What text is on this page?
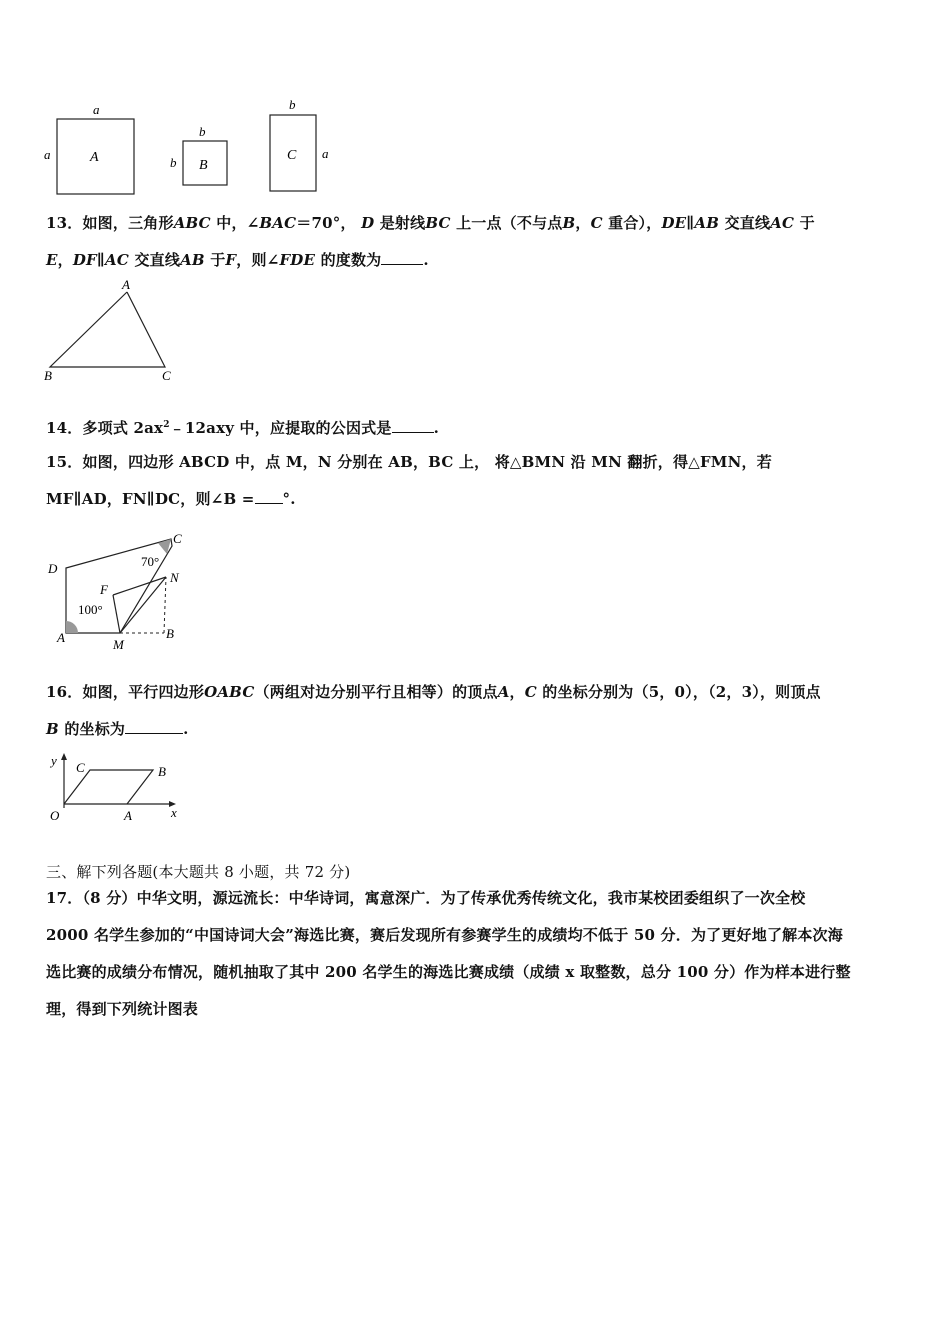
a
a	A
b
b B
b
a
C
13．如图，三角形ABC 中，∠BAC＝70°， D 是射线BC 上一点（不与点B，C 重合），DE∥AB 交直线AC 于
E，DF∥AC 交直线AB 于F，则∠FDE 的度数为	.
A
B	C
14．多项式 $2ax^2﹣12axy$ 中，应提取的公因式是	.
15．如图，四边形 ABCD 中，点 M，N 分别在 AB，BC 上， 将△BMN 沿 MN 翻折，得△FMN，若
MF∥AD，FN∥DC，则∠B = °.
D
C
70°
N
F
100°
A	M
B
16．如图，平行四边形OABC（两组对边分别平行且相等）的顶点A，C 的坐标分别为（5，0），（2，3），则顶点
B 的坐标为	.
y C	B
O	A	x
三、解下列各题(本大题共 8 小题，共 72 分)
17．（8 分）中华文明，源远流长：中华诗词，寓意深广．为了传承优秀传统文化，我市某校团委组织了一次全校
2000 名学生参加的“中国诗词大会”海选比赛，赛后发现所有参赛学生的成绩均不低于 50 分．为了更好地了解本次海
选比赛的成绩分布情况，随机抽取了其中 200 名学生的海选比赛成绩（成绩 x 取整数，总分 100 分）作为样本进行整
理，得到下列统计图表
